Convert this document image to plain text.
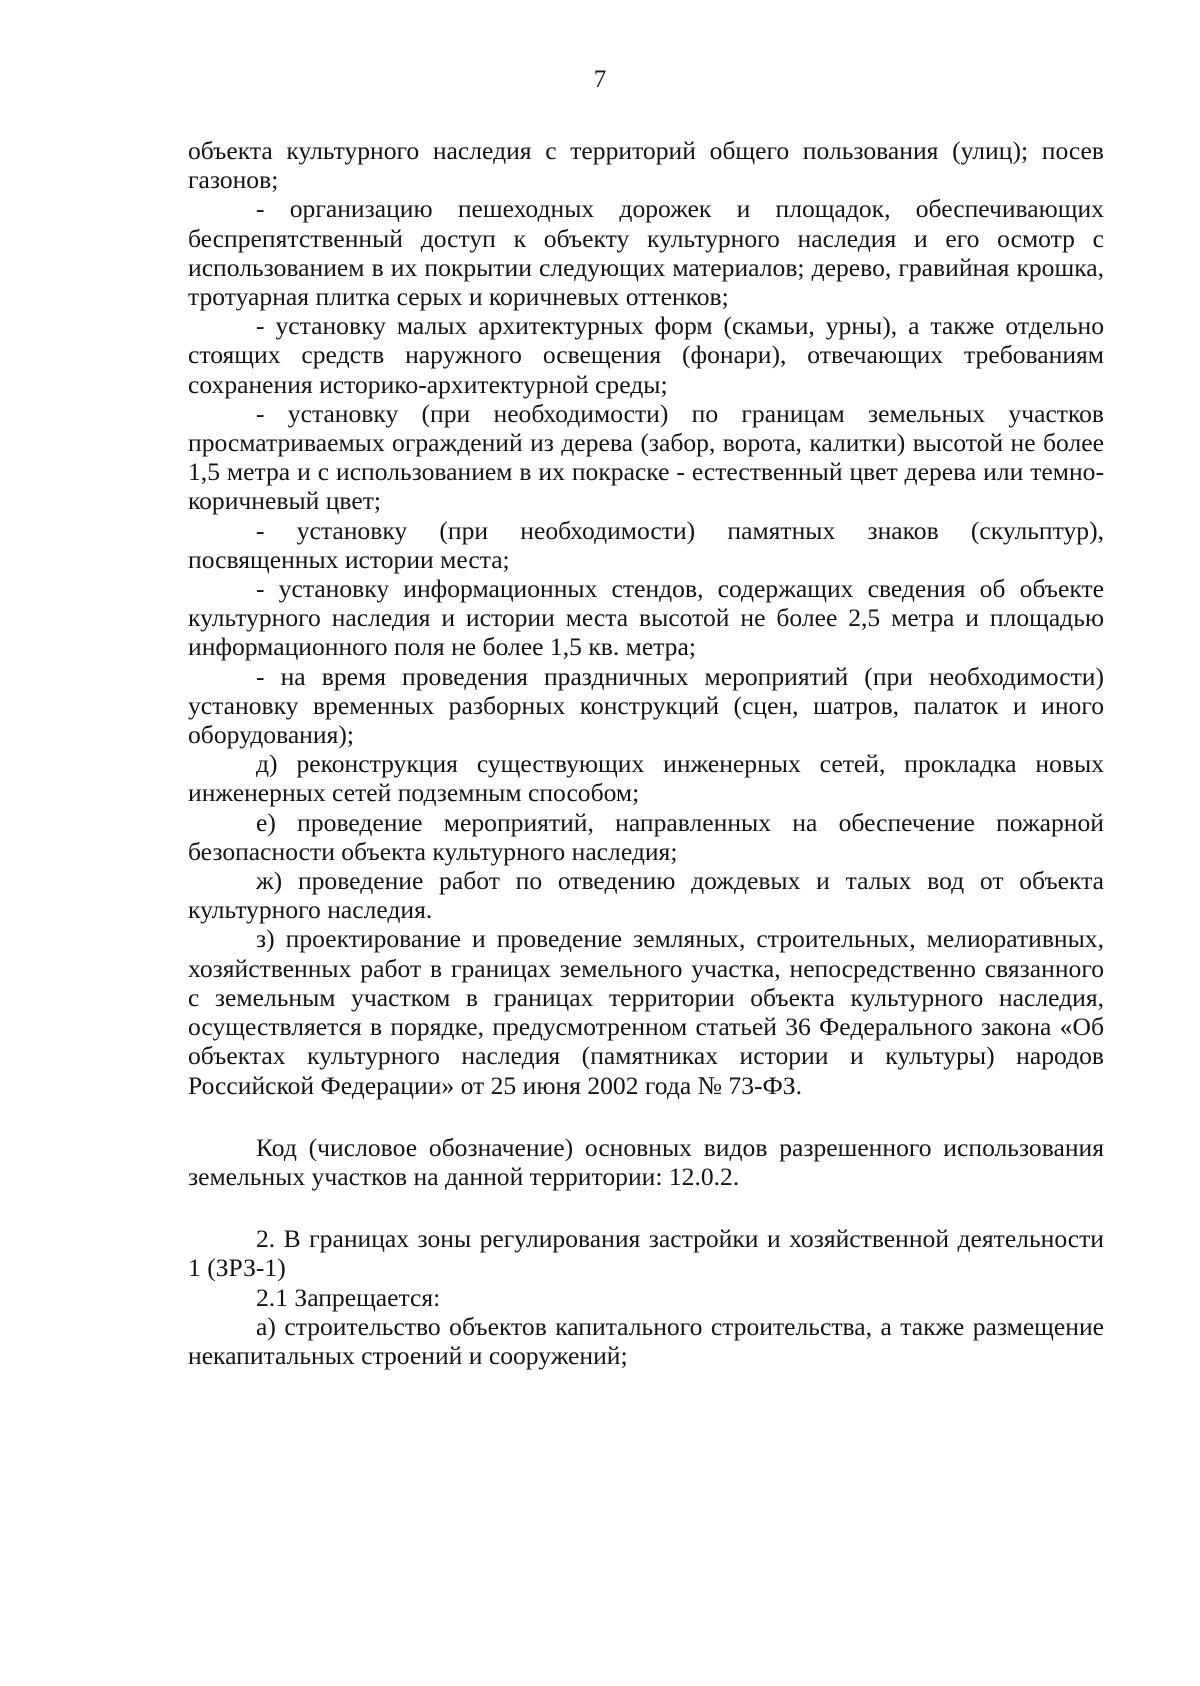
7

объекта культурного наследия с территорий общего пользования (улиц); посев газонов;

- организацию пешеходных дорожек и площадок, обеспечивающих беспрепятственный доступ к объекту культурного наследия и его осмотр с использованием в их покрытии следующих материалов; дерево, гравийная крошка, тротуарная плитка серых и коричневых оттенков;

- установку малых архитектурных форм (скамьи, урны), а также отдельно стоящих средств наружного освещения (фонари), отвечающих требованиям сохранения историко-архитектурной среды;

- установку (при необходимости) по границам земельных участков просматриваемых ограждений из дерева (забор, ворота, калитки) высотой не более 1,5 метра и с использованием в их покраске - естественный цвет дерева или темно-коричневый цвет;

- установку (при необходимости) памятных знаков (скульптур), посвященных истории места;

- установку информационных стендов, содержащих сведения об объекте культурного наследия и истории места высотой не более 2,5 метра и площадью информационного поля не более 1,5 кв. метра;

- на время проведения праздничных мероприятий (при необходимости) установку временных разборных конструкций (сцен, шатров, палаток и иного оборудования);

д) реконструкция существующих инженерных сетей, прокладка новых инженерных сетей подземным способом;

е) проведение мероприятий, направленных на обеспечение пожарной безопасности объекта культурного наследия;

ж) проведение работ по отведению дождевых и талых вод от объекта культурного наследия.

з) проектирование и проведение земляных, строительных, мелиоративных, хозяйственных работ в границах земельного участка, непосредственно связанного с земельным участком в границах территории объекта культурного наследия, осуществляется в порядке, предусмотренном статьей 36 Федерального закона «Об объектах культурного наследия (памятниках истории и культуры) народов Российской Федерации» от 25 июня 2002 года № 73-ФЗ.

Код (числовое обозначение) основных видов разрешенного использования земельных участков на данной территории: 12.0.2.

2. В границах зоны регулирования застройки и хозяйственной деятельности 1 (ЗРЗ-1)

2.1 Запрещается:

а) строительство объектов капитального строительства, а также размещение некапитальных строений и сооружений;
